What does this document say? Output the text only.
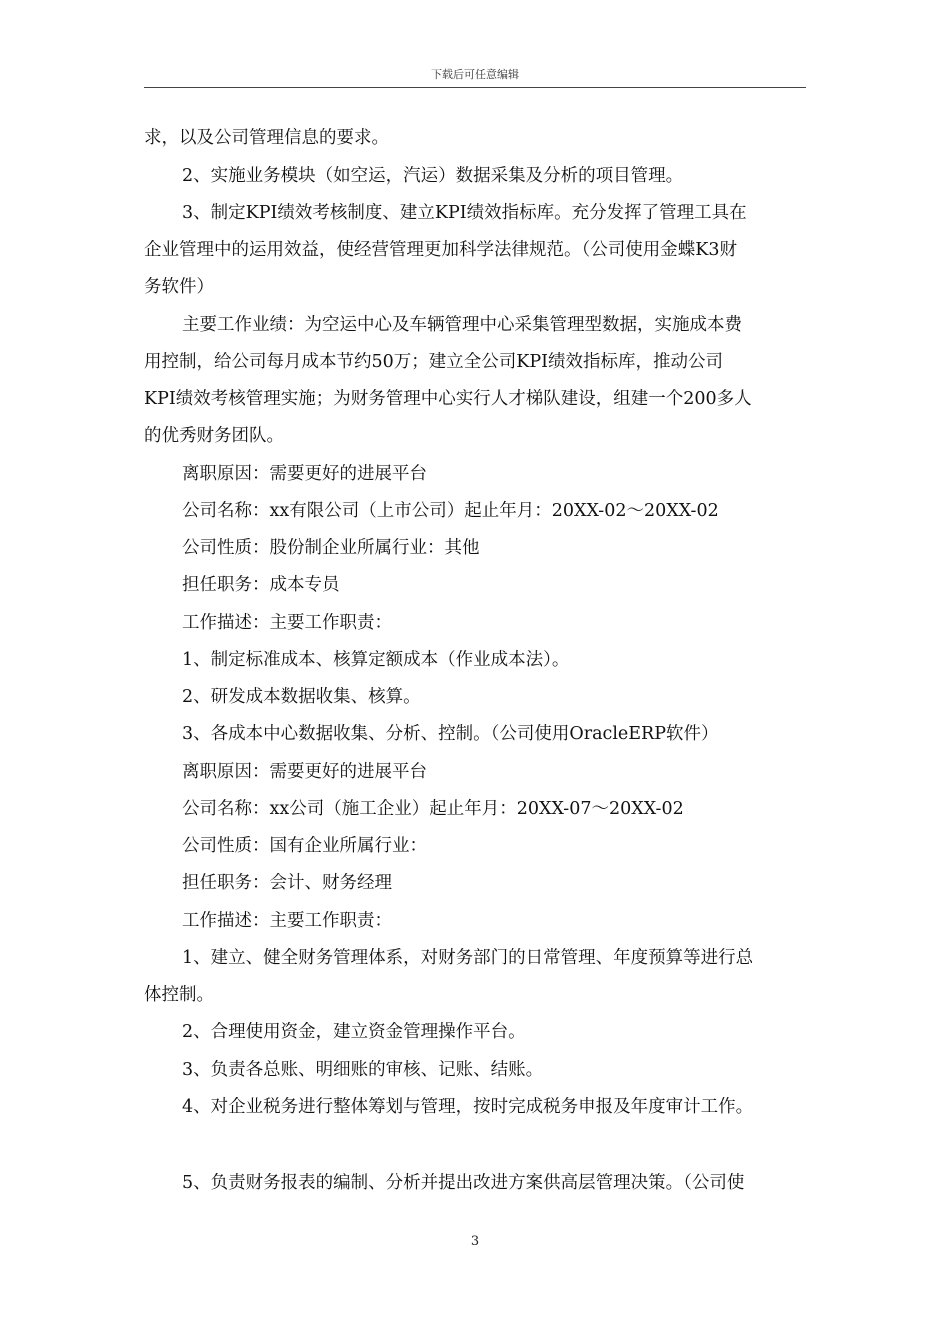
下载后可任意编辑
求，以及公司管理信息的要求。
2、实施业务模块（如空运，汽运）数据采集及分析的项目管理。
3、制定KPI绩效考核制度、建立KPI绩效指标库。充分发挥了管理工具在
企业管理中的运用效益，使经营管理更加科学法律规范。（公司使用金蝶K3财
务软件）
主要工作业绩：为空运中心及车辆管理中心采集管理型数据，实施成本费
用控制，给公司每月成本节约50万；建立全公司KPI绩效指标库，推动公司
KPI绩效考核管理实施；为财务管理中心实行人才梯队建设，组建一个200多人
的优秀财务团队。
离职原因：需要更好的进展平台
公司名称：xx有限公司（上市公司）起止年月：20XX-02～20XX-02
公司性质：股份制企业所属行业：其他
担任职务：成本专员
工作描述：主要工作职责：
1、制定标准成本、核算定额成本（作业成本法）。
2、研发成本数据收集、核算。
3、各成本中心数据收集、分析、控制。（公司使用OracleERP软件）
离职原因：需要更好的进展平台
公司名称：xx公司（施工企业）起止年月：20XX-07～20XX-02
公司性质：国有企业所属行业：
担任职务：会计、财务经理
工作描述：主要工作职责：
1、建立、健全财务管理体系，对财务部门的日常管理、年度预算等进行总
体控制。
2、合理使用资金，建立资金管理操作平台。
3、负责各总账、明细账的审核、记账、结账。
4、对企业税务进行整体筹划与管理，按时完成税务申报及年度审计工作。
5、负责财务报表的编制、分析并提出改进方案供高层管理决策。（公司使
3
